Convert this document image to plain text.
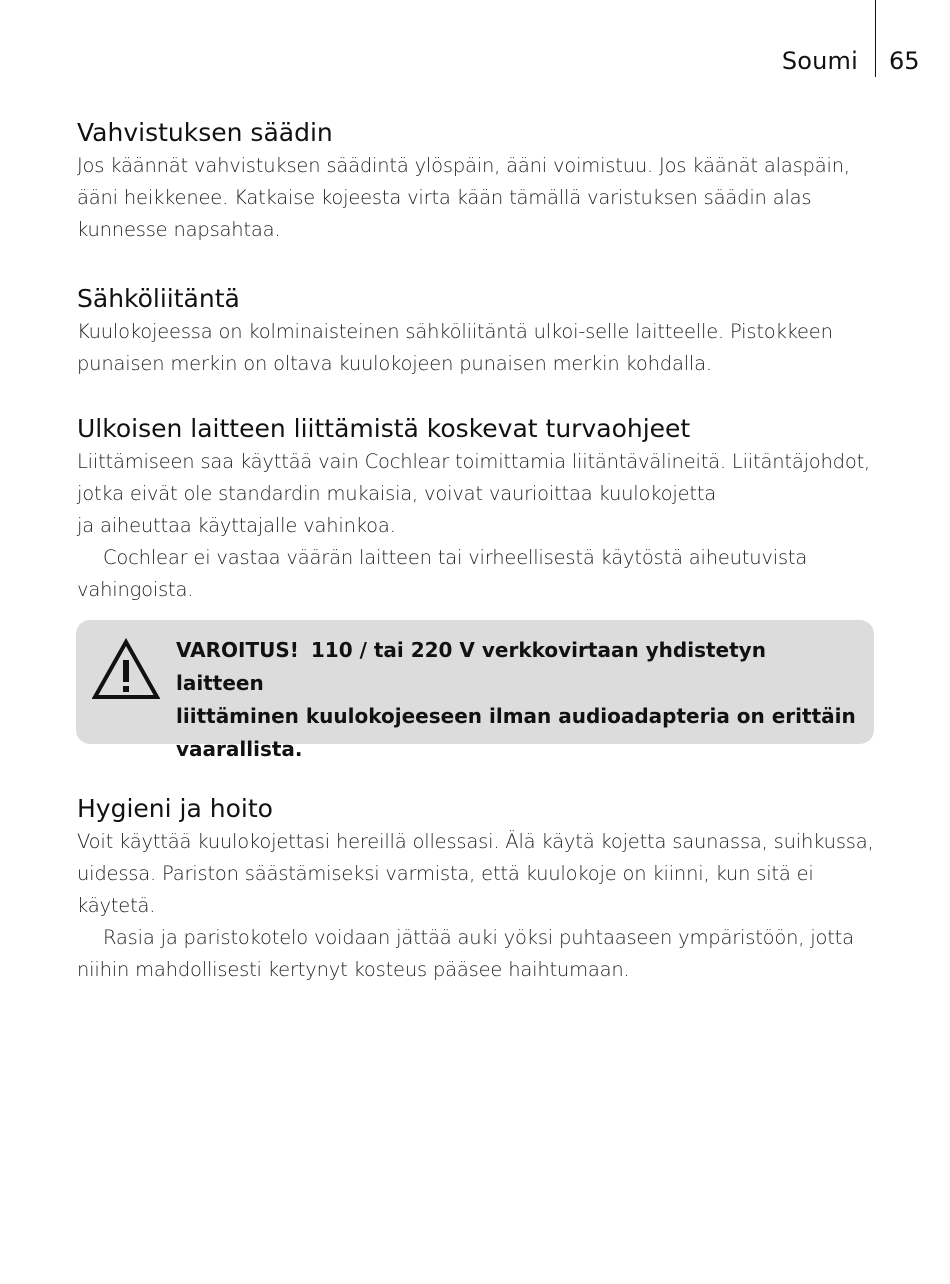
Soumi 65
Vahvistuksen säädin

Jos käännät vahvistuksen säädintä ylöspäin, ääni voimistuu. Jos käänät alaspäin,

ääni heikkenee. Katkaise kojeesta virta kään tämällä varistuksen säädin alas

kunnesse napsahtaa.

Sähköliitäntä

Kuulokojeessa on kolminaisteinen sähköliitäntä ulkoi-selle laitteelle. Pistokkeen

punaisen merkin on oltava kuulokojeen punaisen merkin kohdalla.

Ulkoisen laitteen liittämistä koskevat turvaohjeet

Liittämiseen saa käyttää vain Cochlear toimittamia liitäntävälineitä. Liitäntäjohdot,

jotka eivät ole standardin mukaisia, voivat vaurioittaa kuulokojetta

ja aiheuttaa käyttajalle vahinkoa.

Cochlear ei vastaa väärän laitteen tai virheellisestä käytöstä aiheutuvista

vahingoista.

Hygieni ja hoito

Voit käyttää kuulokojettasi hereillä ollessasi. Älä käytä kojetta saunassa, suihkussa,

uidessa. Pariston säästämiseksi varmista, että kuulokoje on kiinni, kun sitä ei

käytetä.

Rasia ja paristokotelo voidaan jättää auki yöksi puhtaaseen ympäristöön, jotta

niihin mahdollisesti kertynyt kosteus pääsee haihtumaan.

VAROITUS! 110 / tai 220 V verkkovirtaan yhdistetyn laitteen
liittäminen kuulokojeeseen ilman audioadapteria on erittäin
vaarallista.
